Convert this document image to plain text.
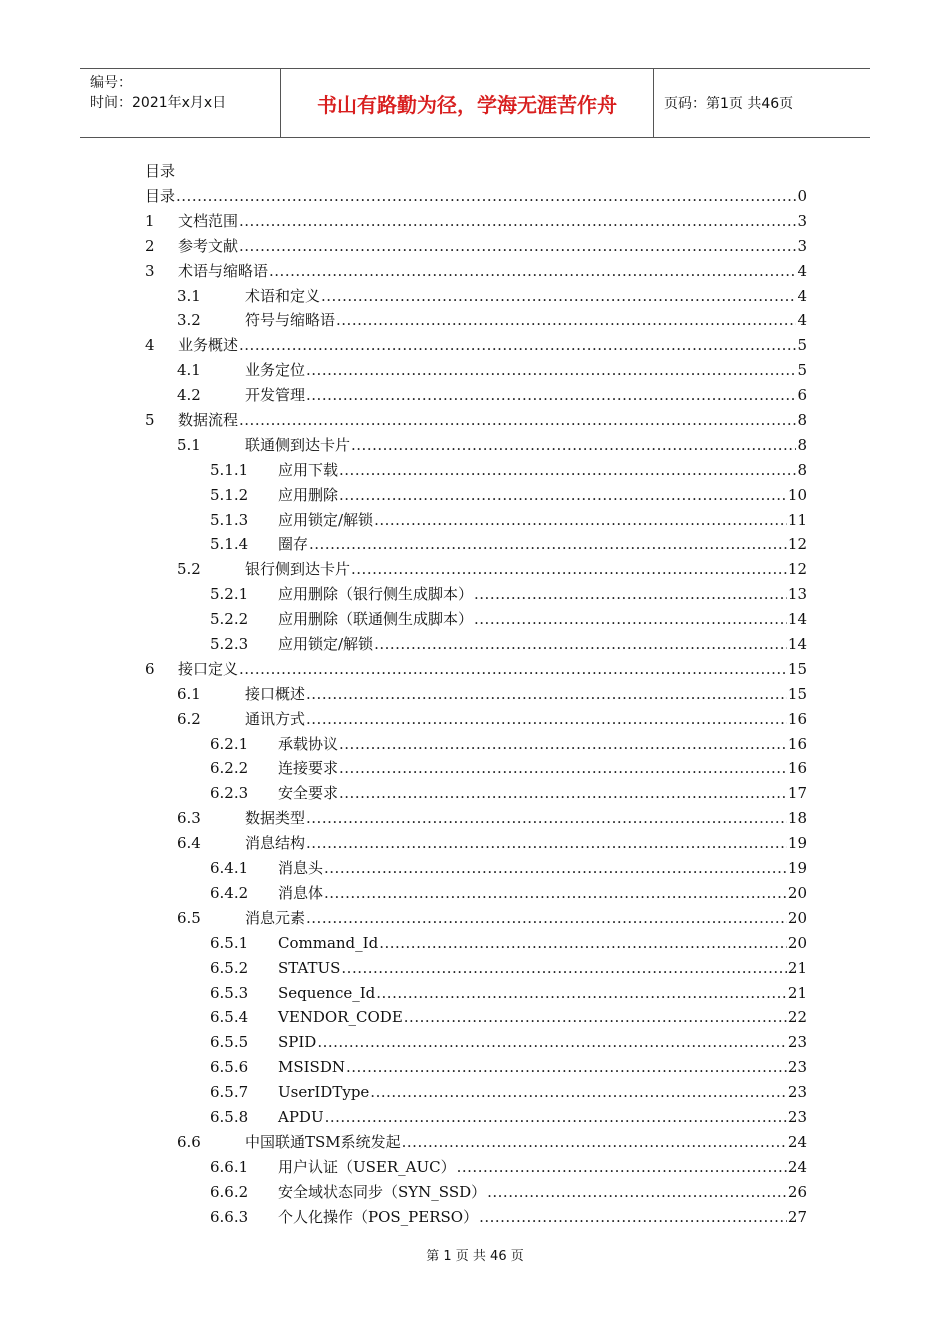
编号：
时间：2021年x月x日	书山有路勤为径，学海无涯苦作舟	页码：第1页 共46页
目录
目录 .....	0
1	文档范围 .....	3
2	参考文献 .....	3
3	术语与缩略语 .....	4
3.1	术语和定义 .....	4
3.2	符号与缩略语 .....	4
4	业务概述 .....	5
4.1	业务定位 .....	5
4.2	开发管理 .....	6
5	数据流程 .....	8
5.1	联通侧到达卡片 .....	8
5.1.1	应用下载 .....	8
5.1.2	应用删除 .....	10
5.1.3	应用锁定/解锁 .....	11
5.1.4	圈存 .....	12
5.2	银行侧到达卡片 .....	12
5.2.1	应用删除（银行侧生成脚本） .....	13
5.2.2	应用删除（联通侧生成脚本） .....	14
5.2.3	应用锁定/解锁 .....	14
6	接口定义 .....	15
6.1	接口概述 .....	15
6.2	通讯方式 .....	16
6.2.1	承载协议 .....	16
6.2.2	连接要求 .....	16
6.2.3	安全要求 .....	17
6.3	数据类型 .....	18
6.4	消息结构 .....	19
6.4.1	消息头 .....	19
6.4.2	消息体 .....	20
6.5	消息元素 .....	20
6.5.1	Command_Id .....	20
6.5.2	STATUS .....	21
6.5.3	Sequence_Id .....	21
6.5.4	VENDOR_CODE .....	22
6.5.5	SPID .....	23
6.5.6	MSISDN .....	23
6.5.7	UserIDType .....	23
6.5.8	APDU .....	23
6.6	中国联通TSM系统发起 .....	24
6.6.1	用户认证（USER_AUC） .....	24
6.6.2	安全域状态同步（SYN_SSD） .....	26
6.6.3	个人化操作（POS_PERSO） .....	27
第 1 页 共 46 页
